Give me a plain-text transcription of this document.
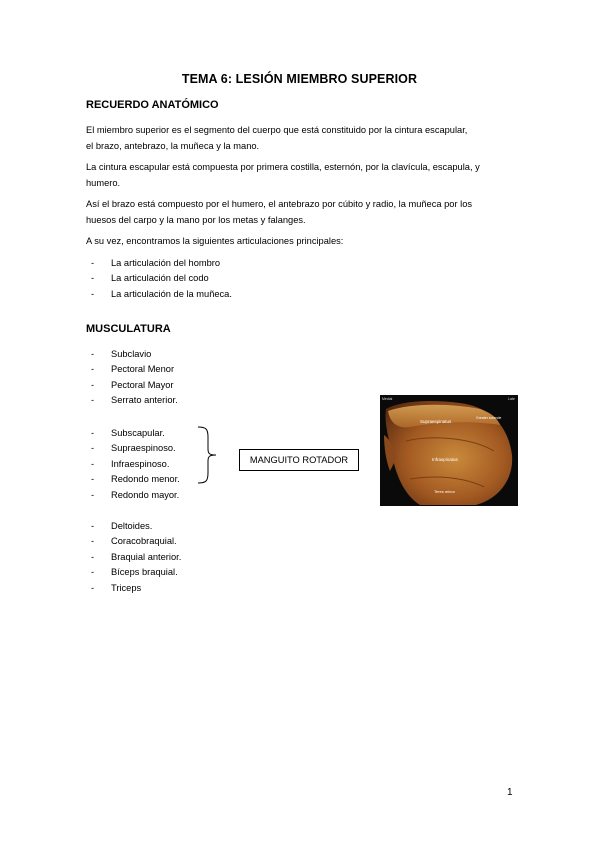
TEMA 6: LESIÓN MIEMBRO SUPERIOR
RECUERDO ANATÓMICO
El miembro superior es el segmento del cuerpo que está constituido por la cintura escapular,
el brazo, antebrazo, la muñeca y la mano.
La cintura escapular está compuesta por primera costilla, esternón, por la clavícula, escapula, y
humero.
Así el brazo está compuesto por el humero, el antebrazo por cúbito y radio, la muñeca por los
huesos del carpo y la mano por los metas y falanges.
A su vez, encontramos la siguientes articulaciones principales:
- La articulación del hombro
- La articulación del codo
- La articulación de la muñeca.
MUSCULATURA
- Subclavio
- Pectoral Menor
- Pectoral Mayor
- Serrato anterior.
- Subscapular.
- Supraespinoso.
- Infraespinoso.
- Redondo menor.
- Redondo mayor.
MANGUITO ROTADOR
Medial	Late
Supraespinatus
Greater tubercle
Infraspinatus
Teres minor
- Deltoides.
- Coracobraquial.
- Braquial anterior.
- Bíceps braquial.
- Triceps
1
